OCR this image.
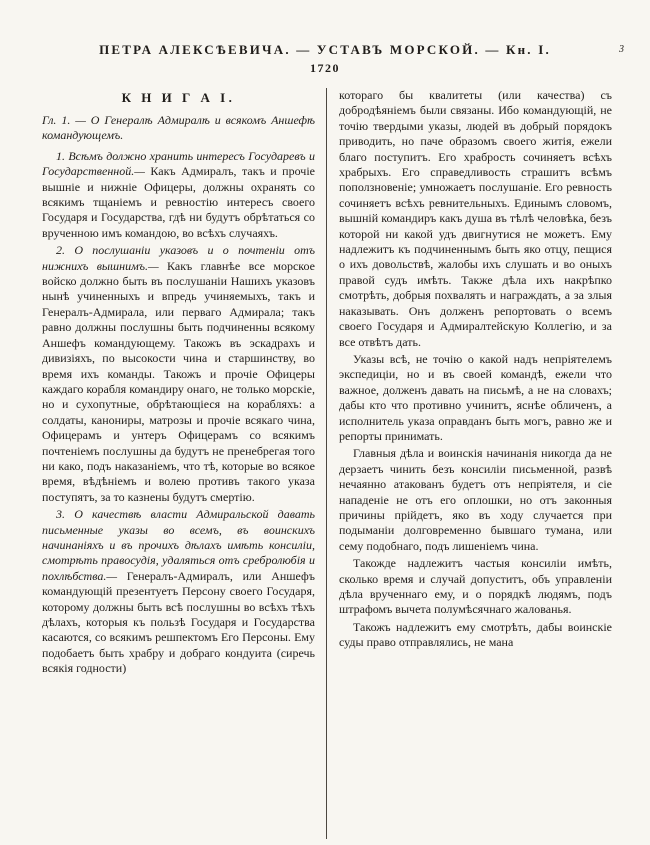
ПЕТРА АЛЕКСѢЕВИЧА. — УСТАВЪ МОРСКОЙ. — Кн. I.	3
1720
К Н И Г А I.
Гл. 1. — О Генералѣ Адмиралѣ и всякомъ Аншефѣ командующемъ.

1. Всѣмъ должно хранить интересъ Государевъ и Государственной.— Какъ Адмиралъ, такъ и прочіе вышніе и нижніе Офицеры, должны охранять со всякимъ тщаніемъ и ревностію интересъ своего Государя и Государства, гдѣ ни будутъ обрѣтаться со врученною имъ командою, во всѣхъ случаяхъ.

2. О послушаніи указовъ и о почтеніи отъ нижнихъ вышнимъ.— Какъ главнѣе все морское войско должно быть въ послушаніи Нашихъ указовъ нынѣ учиненныхъ и впредь учиняемыхъ, такъ и Генералъ-Адмирала, или перваго Адмирала; такъ равно должны послушны быть подчиненны всякому Аншефъ командующему. Такожъ въ эскадрахъ и дивизіяхъ, по высокости чина и старшинству, во время ихъ команды. Такожъ и прочіе Офицеры каждаго корабля командиру онаго, не только морскіе, но и сухопутные, обрѣтающіеся на корабляхъ: а солдаты, канониры, матрозы и прочіе всякаго чина, Офицерамъ и унтеръ Офицерамъ со всякимъ почтеніемъ послушны да будутъ не пренебрегая того ни како, подъ наказаніемъ, что тѣ, которые во всякое время, вѣдѣніемъ и волею противъ такого указа поступятъ, за то казнены будутъ смертію.

3. О качествѣ власти Адмиральской давать письменные указы во всемъ, въ воинскихъ начинаніяхъ и въ прочихъ дѣлахъ имѣть консиліи, смотрѣть правосудія, удаляться отъ сребролюбія и похлѣбства.— Генералъ-Адмиралъ, или Аншефъ командующій презентуетъ Персону своего Государя, которому должны быть всѣ послушны во всѣхъ тѣхъ дѣлахъ, которыя къ пользѣ Государя и Государства касаются, со всякимъ решпектомъ Его Персоны. Ему подобаетъ быть храбру и добраго кондуита (сиречь всякія годности)

котораго бы квалитеты (или качества) съ добродѣяніемъ были связаны. Ибо командующій, не точію твердыми указы, людей въ добрый порядокъ приводить, но паче образомъ своего житія, ежели благо поступитъ. Его храбрость сочиняетъ всѣхъ храбрыхъ. Его справедливость страшитъ всѣмъ поползновеніе; умножаетъ послушаніе. Его ревность сочиняетъ всѣхъ ревнительныхъ. Единымъ словомъ, вышній командиръ какъ душа въ тѣлѣ человѣка, безъ которой ни какой удъ двигнутися не можетъ. Ему надлежитъ къ подчиненнымъ быть яко отцу, пещися о ихъ довольствѣ, жалобы ихъ слушать и во оныхъ правой судъ имѣть. Также дѣла ихъ накрѣпко смотрѣть, добрыя похвалять и награждать, а за злыя наказывать. Онъ долженъ репортовать о всемъ своего Государя и Адмиралтейскую Коллегію, и за все отвѣтъ дать.

Указы всѣ, не точію о какой надъ непріятелемъ экспедиціи, но и въ своей командѣ, ежели что важное, долженъ давать на письмѣ, а не на словахъ; дабы кто что противно учинитъ, яснѣе обличенъ, а исполнитель указа оправданъ быть могъ, равно же и репорты принимать.

Главныя дѣла и воинскія начинанія никогда да не дерзаетъ чинить безъ консиліи письменной, развѣ нечаянно атакованъ будетъ отъ непріятеля, и сіе нападеніе не отъ его оплошки, но отъ законныя причины прійдетъ, яко въ ходу случается при подыманіи долговременно бывшаго тумана, или сему подобнаго, подъ лишеніемъ чина.

Такожде надлежитъ частыя консиліи имѣть, сколько время и случай допуститъ, объ управленіи дѣла врученнаго ему, и о порядкѣ людямъ, подъ штрафомъ вычета полумѣсячнаго жалованья.

Такожъ надлежитъ ему смотрѣть, дабы воинскіе суды право отправлялись, не мана
